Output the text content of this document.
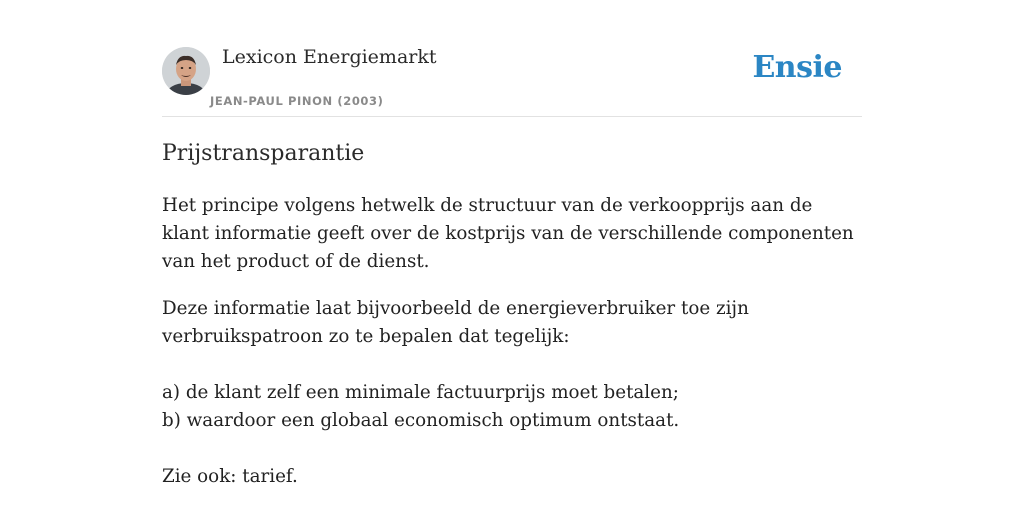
Lexicon Energiemarkt
JEAN-PAUL PINON (2003)
Ensie
Prijstransparantie

Het principe volgens hetwelk de structuur van de verkoopprijs aan de klant informatie geeft over de kostprijs van de verschillende componenten van het product of de dienst.

Deze informatie laat bijvoorbeeld de energieverbruiker toe zijn verbruikspatroon zo te bepalen dat tegelijk:
a) de klant zelf een minimale factuurprijs moet betalen;
b) waardoor een globaal economisch optimum ontstaat.
Zie ook: tarief.
